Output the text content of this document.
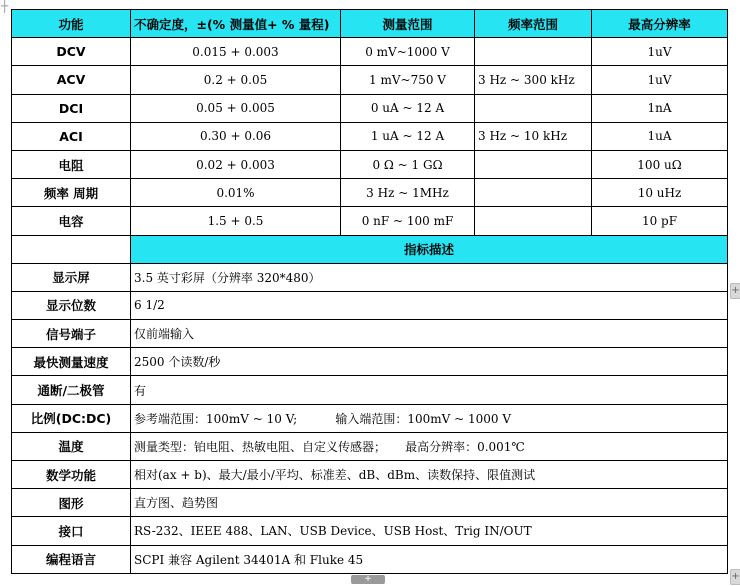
┼
功能	不确定度，±(% 测量值+ % 量程)	测量范围	频率范围	最高分辨率
DCV	0.015 + 0.003	0 mV~1000 V		1uV
ACV	0.2 + 0.05	1 mV~750 V	3 Hz ~ 300 kHz	1uV
DCI	0.05 + 0.005	0 uA ~ 12 A		1nA
ACI	0.30 + 0.06	1 uA ~ 12 A	3 Hz ~ 10 kHz	1uA
电阻	0.02 + 0.003	0 Ω ~ 1 GΩ		100 uΩ
频率 周期	0.01%	3 Hz ~ 1MHz		10 uHz
电容	1.5 + 0.5	0 nF ~ 100 mF		10 pF
	指标描述			
显示屏	3.5 英寸彩屏（分辨率 320*480）			
显示位数	6 1/2			
信号端子	仅前端输入			
最快测量速度	2500 个读数/秒			
通断/二极管	有			
比例(DC:DC)	参考端范围：100mV ~ 10 V;          输入端范围：100mV ~ 1000 V			
温度	测量类型：铂电阻、热敏电阻、自定义传感器；     最高分辨率：0.001℃			
数学功能	相对(ax + b)、最大/最小/平均、标准差、dB、dBm、读数保持、限值测试			
图形	直方图、趋势图			
接口	RS-232、IEEE 488、LAN、USB Device、USB Host、Trig IN/OUT			
编程语言	SCPI 兼容 Agilent 34401A 和 Fluke 45			
+
+
+
